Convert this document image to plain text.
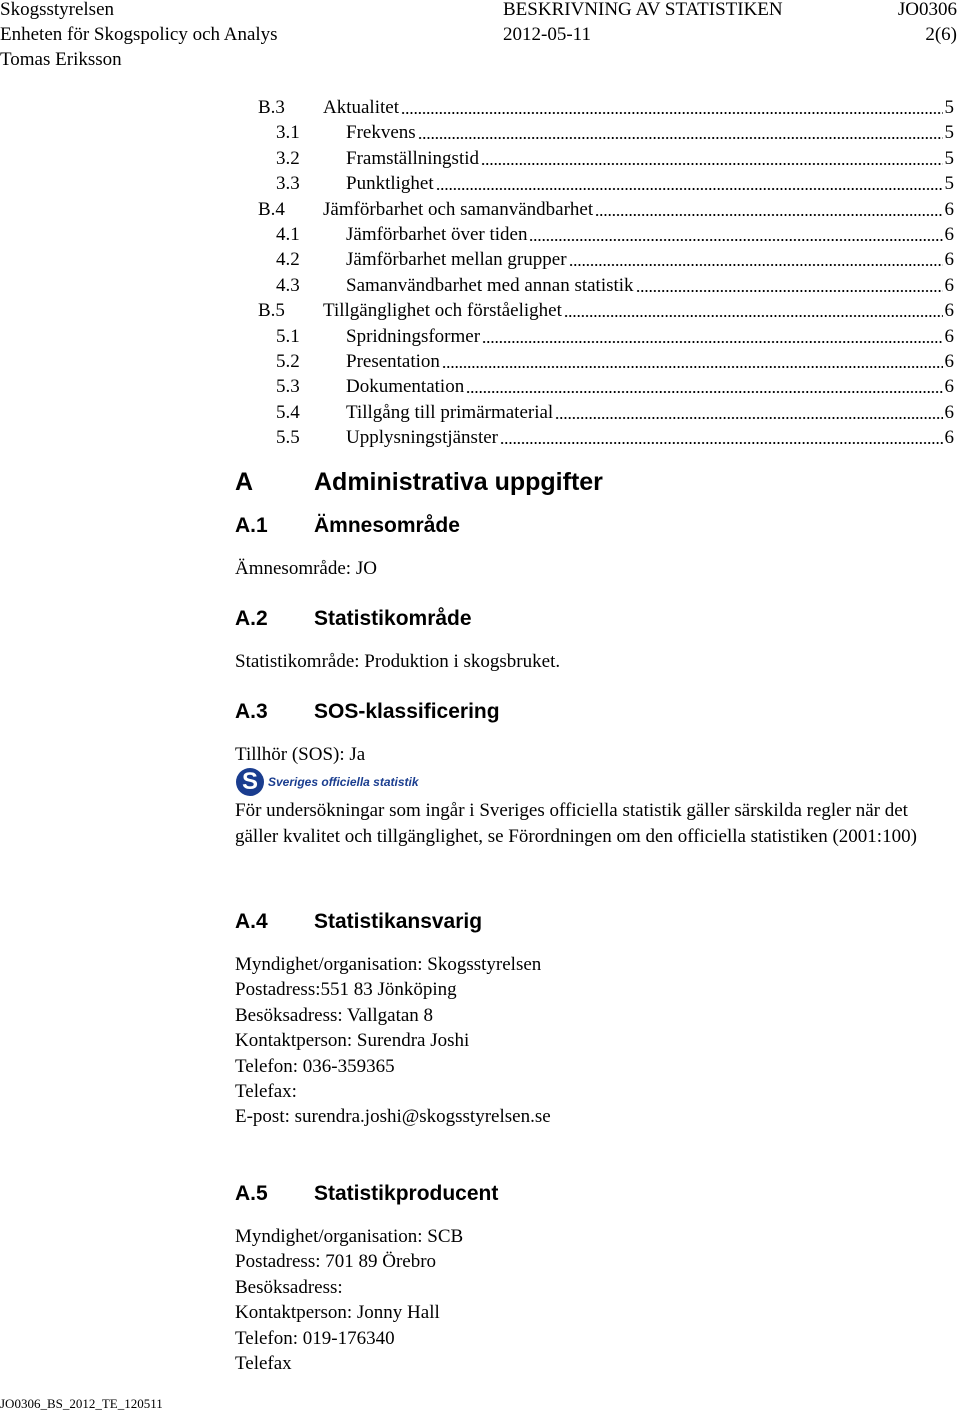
Skogsstyrelsen
Enheten för Skogspolicy och Analys
Tomas Eriksson
BESKRIVNING AV STATISTIKEN
2012-05-11
JO0306
2(6)
B.3 Aktualitet	5
3.1 Frekvens	5
3.2 Framställningstid	5
3.3 Punktlighet	5
B.4 Jämförbarhet och samanvändbarhet	6
4.1 Jämförbarhet över tiden	6
4.2 Jämförbarhet mellan grupper	6
4.3 Samanvändbarhet med annan statistik	6
B.5 Tillgänglighet och förståelighet	6
5.1 Spridningsformer	6
5.2 Presentation	6
5.3 Dokumentation	6
5.4 Tillgång till primärmaterial	6
5.5 Upplysningstjänster	6
A Administrativa uppgifter
A.1 Ämnesområde
Ämnesområde: JO
A.2 Statistikområde
Statistikområde: Produktion i skogsbruket.
A.3 SOS-klassificering
Tillhör (SOS): Ja
S Sveriges officiella statistik
För undersökningar som ingår i Sveriges officiella statistik gäller särskilda regler när det gäller kvalitet och tillgänglighet, se Förordningen om den officiella statistiken (2001:100)
A.4 Statistikansvarig
Myndighet/organisation: Skogsstyrelsen
Postadress:551 83 Jönköping
Besöksadress: Vallgatan 8
Kontaktperson: Surendra Joshi
Telefon: 036-359365
Telefax:
E-post: surendra.joshi@skogsstyrelsen.se
A.5 Statistikproducent
Myndighet/organisation: SCB
Postadress: 701 89 Örebro
Besöksadress:
Kontaktperson: Jonny Hall
Telefon: 019-176340
Telefax
JO0306_BS_2012_TE_120511
